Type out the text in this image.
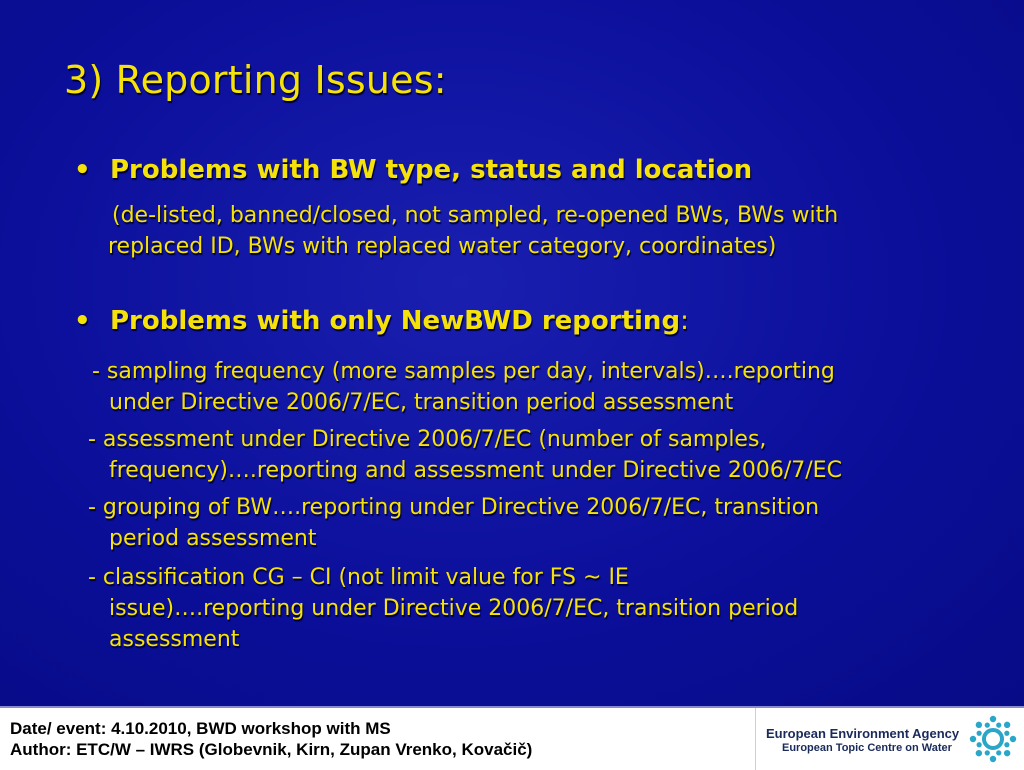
3) Reporting Issues:
• Problems with BW type, status and location
(de-listed, banned/closed, not sampled, re-opened BWs, BWs with
replaced ID, BWs with replaced water category, coordinates)
• Problems with only NewBWD reporting :
- sampling frequency (more samples per day, intervals)….reporting
under Directive 2006/7/EC, transition period assessment
- assessment under Directive 2006/7/EC (number of samples,
frequency)….reporting and assessment under Directive 2006/7/EC
- grouping of BW….reporting under Directive 2006/7/EC, transition
period assessment
- classification CG – CI (not limit value for FS ~ IE
issue)….reporting under Directive 2006/7/EC, transition period
assessment
Date/ event: 4.10.2010, BWD workshop with MS
Author: ETC/W – IWRS (Globevnik, Kirn, Zupan Vrenko, Kovačič)
European Environment Agency
European Topic Centre on Water
